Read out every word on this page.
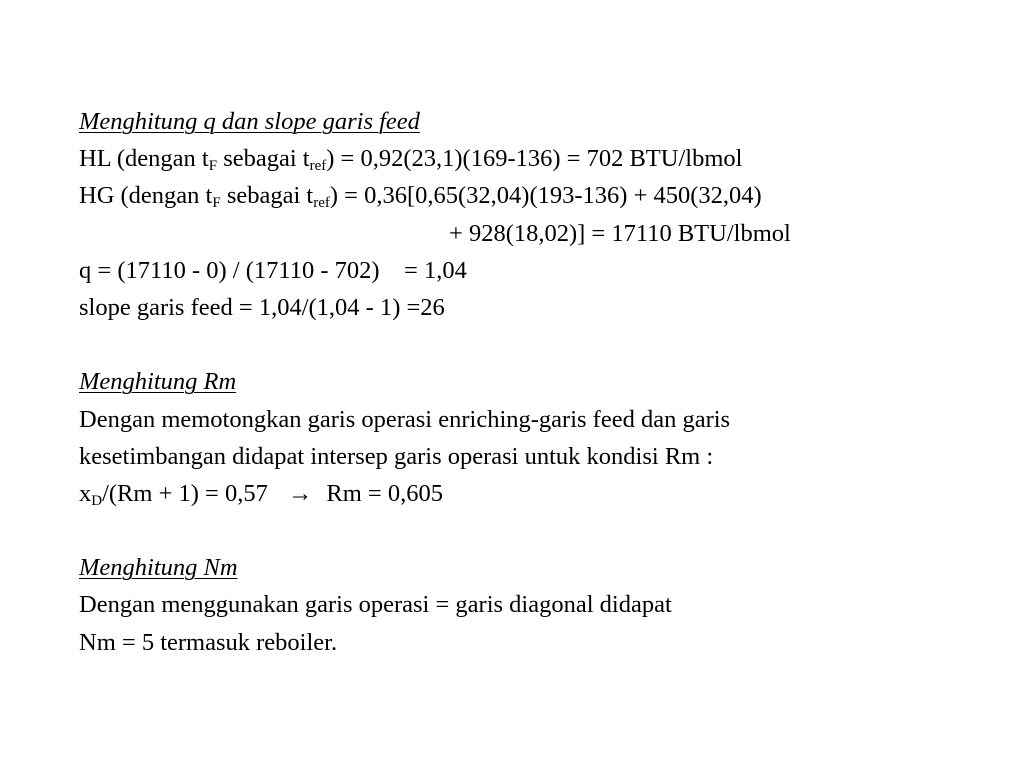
Menghitung q dan slope garis feed
HL (dengan $t_F$ sebagai $t_{ref}) = 0,92(23,1)(169-136) = 702$ BTU/lbmol
HG (dengan $t_F$ sebagai $t_{ref}) = 0,36[0,65(32,04)(193-136) + 450(32,04)$
+ 928(18,02)] = 17110 BTU/lbmol
q = (17110 - 0) / (17110 - 702)    = 1,04
slope garis feed = 1,04/(1,04 - 1) =26
Menghitung Rm
Dengan memotongkan garis operasi enriching-garis feed dan garis
kesetimbangan didapat intersep garis operasi untuk kondisi Rm :
$x_D/(Rm + 1) = 0,57 \to Rm = 0,605$
Menghitung Nm
Dengan menggunakan garis operasi = garis diagonal didapat
Nm = 5 termasuk reboiler.
